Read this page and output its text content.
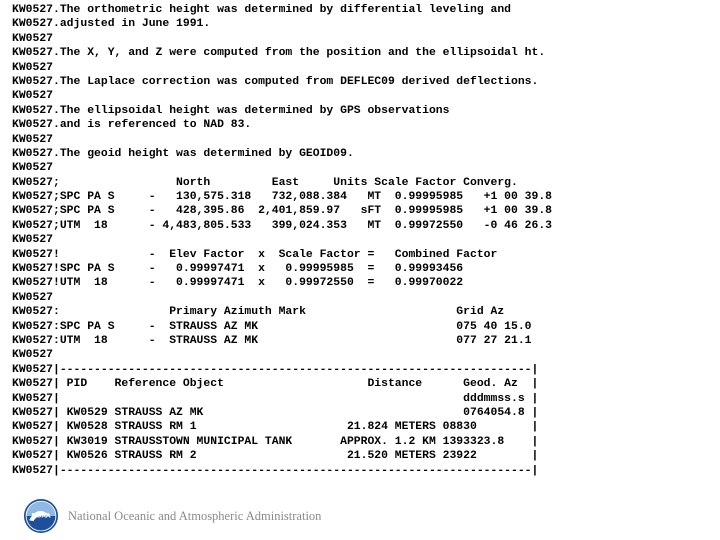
KW0527.The orthometric height was determined by differential leveling and
KW0527.adjusted in June 1991.
KW0527
KW0527.The X, Y, and Z were computed from the position and the ellipsoidal ht.
KW0527
KW0527.The Laplace correction was computed from DEFLEC09 derived deflections.
KW0527
KW0527.The ellipsoidal height was determined by GPS observations
KW0527.and is referenced to NAD 83.
KW0527
KW0527.The geoid height was determined by GEOID09.
KW0527
KW0527;                 North         East     Units Scale Factor Converg.
KW0527;SPC PA S     -   130,575.318   732,088.384   MT  0.99995985   +1 00 39.8
KW0527;SPC PA S     -   428,395.86  2,401,859.97   sFT  0.99995985   +1 00 39.8
KW0527;UTM  18      - 4,483,805.533   399,024.353   MT  0.99972550   -0 46 26.3
KW0527
KW0527!             -  Elev Factor  x  Scale Factor =   Combined Factor
KW0527!SPC PA S     -   0.99997471  x   0.99995985  =   0.99993456
KW0527!UTM  18      -   0.99997471  x   0.99972550  =   0.99970022
KW0527
KW0527:                Primary Azimuth Mark                      Grid Az
KW0527:SPC PA S     -  STRAUSS AZ MK                             075 40 15.0
KW0527:UTM  18      -  STRAUSS AZ MK                             077 27 21.1
KW0527
KW0527|---------------------------------------------------------------------|
KW0527| PID    Reference Object                     Distance      Geod. Az  |
KW0527|                                                           dddmmss.s |
KW0527| KW0529 STRAUSS AZ MK                                      0764054.8 |
KW0527| KW0528 STRAUSS RM 1                      21.824 METERS 08830        |
KW0527| KW3019 STRAUSSTOWN MUNICIPAL TANK       APPROX. 1.2 KM 1393323.8    |
KW0527| KW0526 STRAUSS RM 2                      21.520 METERS 23922        |
KW0527|---------------------------------------------------------------------|
NOAA National Oceanic and Atmospheric Administration
